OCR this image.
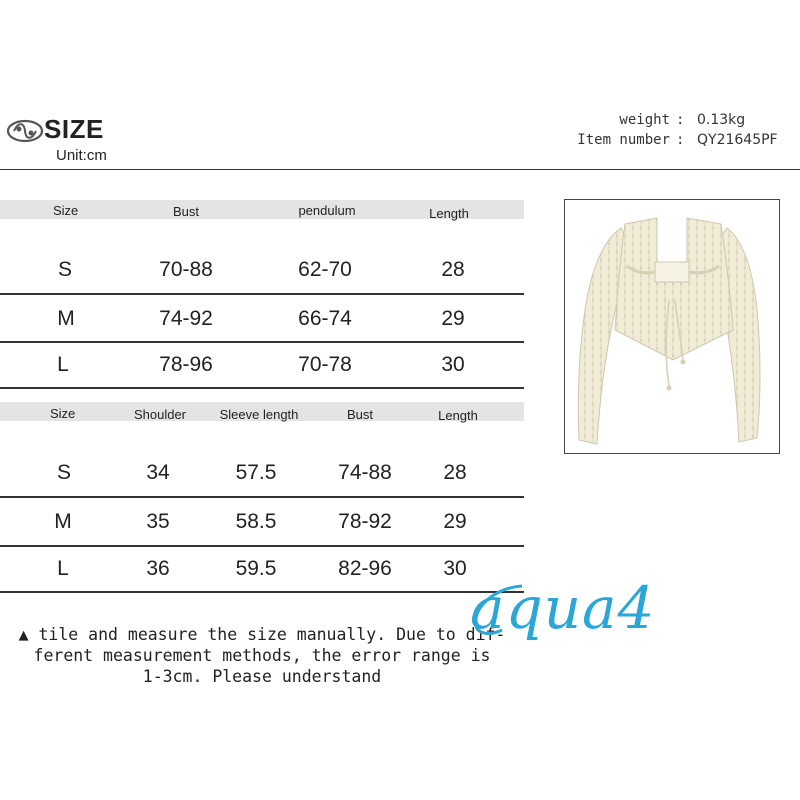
SIZE
Unit:cm
weight
Item number
:
:
0.13kg
QY21645PF
Size	Bust	pendulum	Length
S	70-88	62-70	28
M	74-92	66-74	29
L	78-96	70-78	30
Size	Shoulder	Sleeve length	Bust	Length
S	34	57.5	74-88 28
M	35	58.5	78-92 29
L	36	59.5	82-96 30
▲ tile and measure the size manually. Due to dif-
ferent measurement methods, the error range is
1-3cm. Please understand
aqua4
